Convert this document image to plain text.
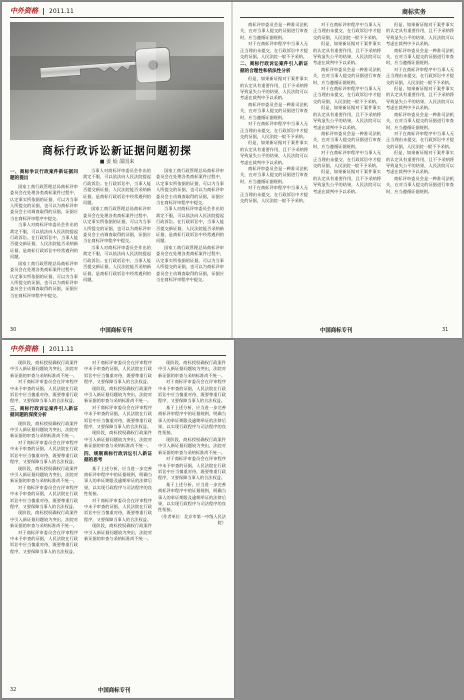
中外资格 2011.11	商标实务
商标行政诉讼新证据问题初探
■ 姜 灿 邵国来

一、商标争议行政案件新证据问题的提出

国家工商行政管理总局商标评审委员会在处理各类商标案件过程中，认定事实所依据的证据，可以为当事人所提交的证据，也可以为商标评审委员会主动调查取得的证据，证据应当在商标评审程序中提交。

当事人对商标评审委员会作出的裁定不服，可以依法向人民法院提起行政诉讼。在行政诉讼中，当事人能否提交新证据，人民法院能否采纳新证据，是商标行政诉讼中经常遇到的问题。

国家工商行政管理总局商标评审委员会在处理各类商标案件过程中，认定事实所依据的证据，可以为当事人所提交的证据，也可以为商标评审委员会主动调查取得的证据，证据应当在商标评审程序中提交。

当事人对商标评审委员会作出的裁定不服，可以依法向人民法院提起行政诉讼。在行政诉讼中，当事人能否提交新证据，人民法院能否采纳新证据，是商标行政诉讼中经常遇到的问题。

国家工商行政管理总局商标评审委员会在处理各类商标案件过程中，认定事实所依据的证据，可以为当事人所提交的证据，也可以为商标评审委员会主动调查取得的证据，证据应当在商标评审程序中提交。

当事人对商标评审委员会作出的裁定不服，可以依法向人民法院提起行政诉讼。在行政诉讼中，当事人能否提交新证据，人民法院能否采纳新证据，是商标行政诉讼中经常遇到的问题。

国家工商行政管理总局商标评审委员会在处理各类商标案件过程中，认定事实所依据的证据，可以为当事人所提交的证据，也可以为商标评审委员会主动调查取得的证据，证据应当在商标评审程序中提交。

当事人对商标评审委员会作出的裁定不服，可以依法向人民法院提起行政诉讼。在行政诉讼中，当事人能否提交新证据，人民法院能否采纳新证据，是商标行政诉讼中经常遇到的问题。

国家工商行政管理总局商标评审委员会在处理各类商标案件过程中，认定事实所依据的证据，可以为当事人所提交的证据，也可以为商标评审委员会主动调查取得的证据，证据应当在商标评审程序中提交。

30	中国商标专刊

商标评审委员会是一种准司法机关，在对当事人提交的证据进行审查时，应当遵循证据规则。

对于在商标评审程序中当事人无正当理由未提交、在行政诉讼中才提交的证据，人民法院一般不予采纳。

二、商标行政诉讼案件引入新证据的合理性和依法性分析

但是，如果新证据对于案件事实的认定具有重要作用，且不予采纳将导致显失公平的结果，人民法院可以考虑在裁判中予以采纳。

商标评审委员会是一种准司法机关，在对当事人提交的证据进行审查时，应当遵循证据规则。

对于在商标评审程序中当事人无正当理由未提交、在行政诉讼中才提交的证据，人民法院一般不予采纳。

但是，如果新证据对于案件事实的认定具有重要作用，且不予采纳将导致显失公平的结果，人民法院可以考虑在裁判中予以采纳。

商标评审委员会是一种准司法机关，在对当事人提交的证据进行审查时，应当遵循证据规则。

对于在商标评审程序中当事人无正当理由未提交、在行政诉讼中才提交的证据，人民法院一般不予采纳。

对于在商标评审程序中当事人无正当理由未提交、在行政诉讼中才提交的证据，人民法院一般不予采纳。

但是，如果新证据对于案件事实的认定具有重要作用，且不予采纳将导致显失公平的结果，人民法院可以考虑在裁判中予以采纳。

商标评审委员会是一种准司法机关，在对当事人提交的证据进行审查时，应当遵循证据规则。

对于在商标评审程序中当事人无正当理由未提交、在行政诉讼中才提交的证据，人民法院一般不予采纳。

但是，如果新证据对于案件事实的认定具有重要作用，且不予采纳将导致显失公平的结果，人民法院可以考虑在裁判中予以采纳。

商标评审委员会是一种准司法机关，在对当事人提交的证据进行审查时，应当遵循证据规则。

对于在商标评审程序中当事人无正当理由未提交、在行政诉讼中才提交的证据，人民法院一般不予采纳。

但是，如果新证据对于案件事实的认定具有重要作用，且不予采纳将导致显失公平的结果，人民法院可以考虑在裁判中予以采纳。

但是，如果新证据对于案件事实的认定具有重要作用，且不予采纳将导致显失公平的结果，人民法院可以考虑在裁判中予以采纳。

商标评审委员会是一种准司法机关，在对当事人提交的证据进行审查时，应当遵循证据规则。

对于在商标评审程序中当事人无正当理由未提交、在行政诉讼中才提交的证据，人民法院一般不予采纳。

但是，如果新证据对于案件事实的认定具有重要作用，且不予采纳将导致显失公平的结果，人民法院可以考虑在裁判中予以采纳。

商标评审委员会是一种准司法机关，在对当事人提交的证据进行审查时，应当遵循证据规则。

对于在商标评审程序中当事人无正当理由未提交、在行政诉讼中才提交的证据，人民法院一般不予采纳。

但是，如果新证据对于案件事实的认定具有重要作用，且不予采纳将导致显失公平的结果，人民法院可以考虑在裁判中予以采纳。

商标评审委员会是一种准司法机关，在对当事人提交的证据进行审查时，应当遵循证据规则。

中国商标专刊	31
中外资格 2011.11

现阶段，商标授权确权行政案件中引入新证据问题较为突出，法院对新证据的审查与采纳标准尚不统一。

对于商标评审委员会在评审程序中未予审查的证据，人民法院在行政诉讼中应当慎重对待，既要尊重行政程序，又要保障当事人的合法权益。

三、商标行政诉讼案件引入新证据问题的深度分析

现阶段，商标授权确权行政案件中引入新证据问题较为突出，法院对新证据的审查与采纳标准尚不统一。

对于商标评审委员会在评审程序中未予审查的证据，人民法院在行政诉讼中应当慎重对待，既要尊重行政程序，又要保障当事人的合法权益。

现阶段，商标授权确权行政案件中引入新证据问题较为突出，法院对新证据的审查与采纳标准尚不统一。

对于商标评审委员会在评审程序中未予审查的证据，人民法院在行政诉讼中应当慎重对待，既要尊重行政程序，又要保障当事人的合法权益。

现阶段，商标授权确权行政案件中引入新证据问题较为突出，法院对新证据的审查与采纳标准尚不统一。

对于商标评审委员会在评审程序中未予审查的证据，人民法院在行政诉讼中应当慎重对待，既要尊重行政程序，又要保障当事人的合法权益。

对于商标评审委员会在评审程序中未予审查的证据，人民法院在行政诉讼中应当慎重对待，既要尊重行政程序，又要保障当事人的合法权益。

现阶段，商标授权确权行政案件中引入新证据问题较为突出，法院对新证据的审查与采纳标准尚不统一。

对于商标评审委员会在评审程序中未予审查的证据，人民法院在行政诉讼中应当慎重对待，既要尊重行政程序，又要保障当事人的合法权益。

现阶段，商标授权确权行政案件中引入新证据问题较为突出，法院对新证据的审查与采纳标准尚不统一。

四、规制商标行政诉讼引入新证据的思考

基于上述分析，应当进一步完善商标评审程序中的证据规则，明确当事人的举证期限及逾期举证的法律后果，以实现行政程序与司法程序的良性衔接。

对于商标评审委员会在评审程序中未予审查的证据，人民法院在行政诉讼中应当慎重对待，既要尊重行政程序，又要保障当事人的合法权益。

现阶段，商标授权确权行政案件中引入新证据问题较为突出，法院对新证据的审查与采纳标准尚不统一。

现阶段，商标授权确权行政案件中引入新证据问题较为突出，法院对新证据的审查与采纳标准尚不统一。

对于商标评审委员会在评审程序中未予审查的证据，人民法院在行政诉讼中应当慎重对待，既要尊重行政程序，又要保障当事人的合法权益。

基于上述分析，应当进一步完善商标评审程序中的证据规则，明确当事人的举证期限及逾期举证的法律后果，以实现行政程序与司法程序的良性衔接。

现阶段，商标授权确权行政案件中引入新证据问题较为突出，法院对新证据的审查与采纳标准尚不统一。

对于商标评审委员会在评审程序中未予审查的证据，人民法院在行政诉讼中应当慎重对待，既要尊重行政程序，又要保障当事人的合法权益。

基于上述分析，应当进一步完善商标评审程序中的证据规则，明确当事人的举证期限及逾期举证的法律后果，以实现行政程序与司法程序的良性衔接。

（作者单位：北京市第一中级人民法院）

32	中国商标专刊
